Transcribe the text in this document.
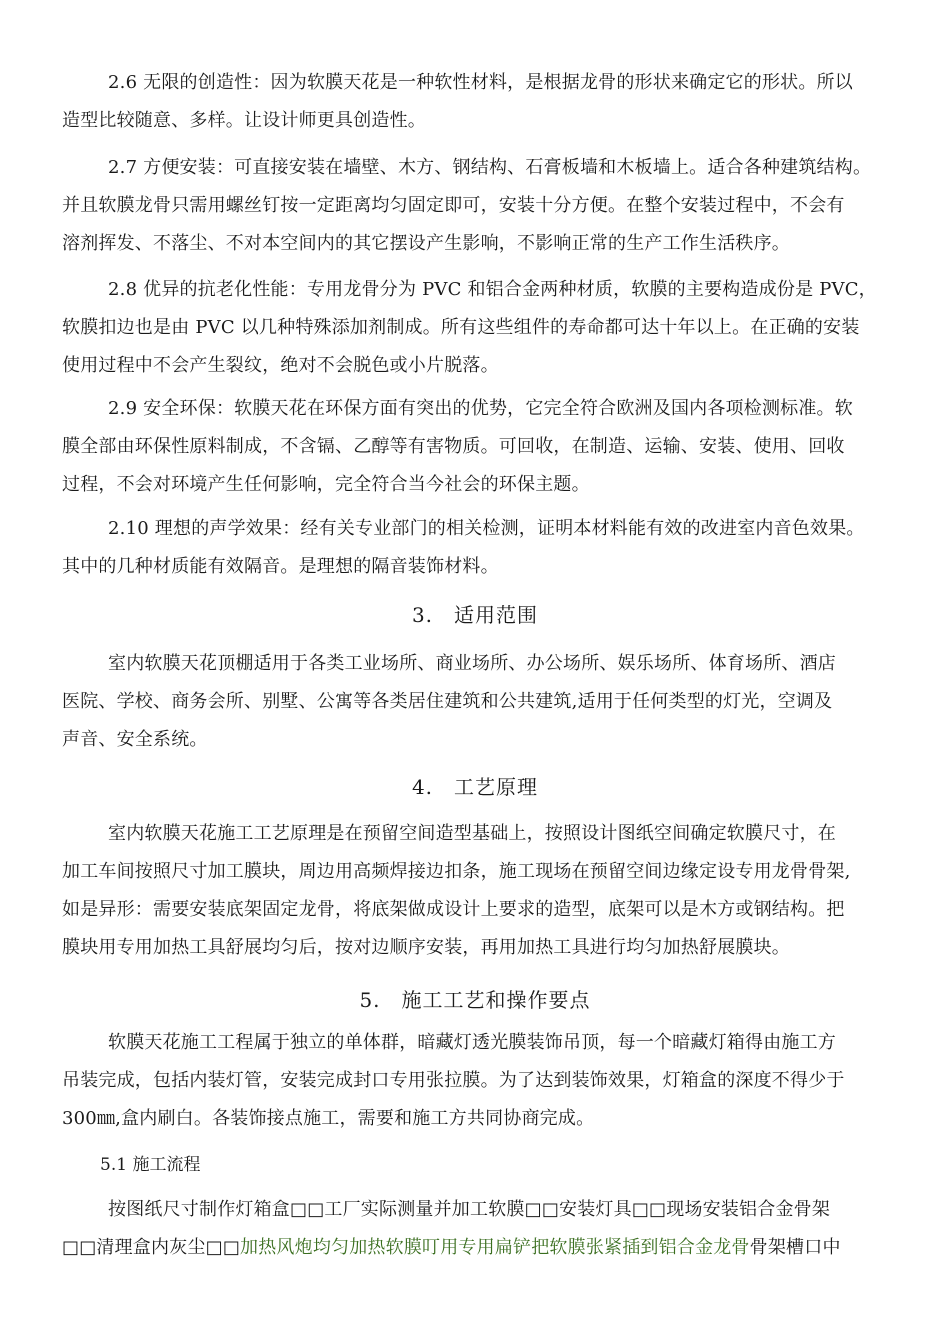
2.6 无限的创造性：因为软膜天花是一种软性材料，是根据龙骨的形状来确定它的形状。所以
造型比较随意、多样。让设计师更具创造性。

2.7 方便安装：可直接安装在墙壁、木方、钢结构、石膏板墙和木板墙上。适合各种建筑结构。
并且软膜龙骨只需用螺丝钉按一定距离均匀固定即可，安装十分方便。在整个安装过程中，不会有
溶剂挥发、不落尘、不对本空间内的其它摆设产生影响，不影响正常的生产工作生活秩序。

2.8 优异的抗老化性能：专用龙骨分为 PVC 和铝合金两种材质，软膜的主要构造成份是 PVC，
软膜扣边也是由 PVC 以几种特殊添加剂制成。所有这些组件的寿命都可达十年以上。在正确的安装
使用过程中不会产生裂纹，绝对不会脱色或小片脱落。

2.9 安全环保：软膜天花在环保方面有突出的优势，它完全符合欧洲及国内各项检测标准。软
膜全部由环保性原料制成，不含镉、乙醇等有害物质。可回收，在制造、运输、安装、使用、回收
过程，不会对环境产生任何影响，完全符合当今社会的环保主题。

2.10 理想的声学效果：经有关专业部门的相关检测，证明本材料能有效的改进室内音色效果。
其中的几种材质能有效隔音。是理想的隔音装饰材料。

3.　适用范围

室内软膜天花顶棚适用于各类工业场所、商业场所、办公场所、娱乐场所、体育场所、酒店
医院、学校、商务会所、别墅、公寓等各类居住建筑和公共建筑,适用于任何类型的灯光，空调及
声音、安全系统。

4.　工艺原理

室内软膜天花施工工艺原理是在预留空间造型基础上，按照设计图纸空间确定软膜尺寸，在
加工车间按照尺寸加工膜块，周边用高频焊接边扣条，施工现场在预留空间边缘定设专用龙骨骨架,
如是异形：需要安装底架固定龙骨，将底架做成设计上要求的造型，底架可以是木方或钢结构。把
膜块用专用加热工具舒展均匀后，按对边顺序安装，再用加热工具进行均匀加热舒展膜块。

5.　施工工艺和操作要点

软膜天花施工工程属于独立的单体群，暗藏灯透光膜装饰吊顶，每一个暗藏灯箱得由施工方
吊装完成，包括内装灯管，安装完成封口专用张拉膜。为了达到装饰效果，灯箱盒的深度不得少于
300㎜,盒内刷白。各装饰接点施工，需要和施工方共同协商完成。

5.1 施工流程

按图纸尺寸制作灯箱盒□□工厂实际测量并加工软膜□□安装灯具□□现场安装铝合金骨架
□□清理盒内灰尘□□加热风炮均匀加热软膜叮用专用扁铲把软膜张紧插到铝合金龙骨骨架槽口中
